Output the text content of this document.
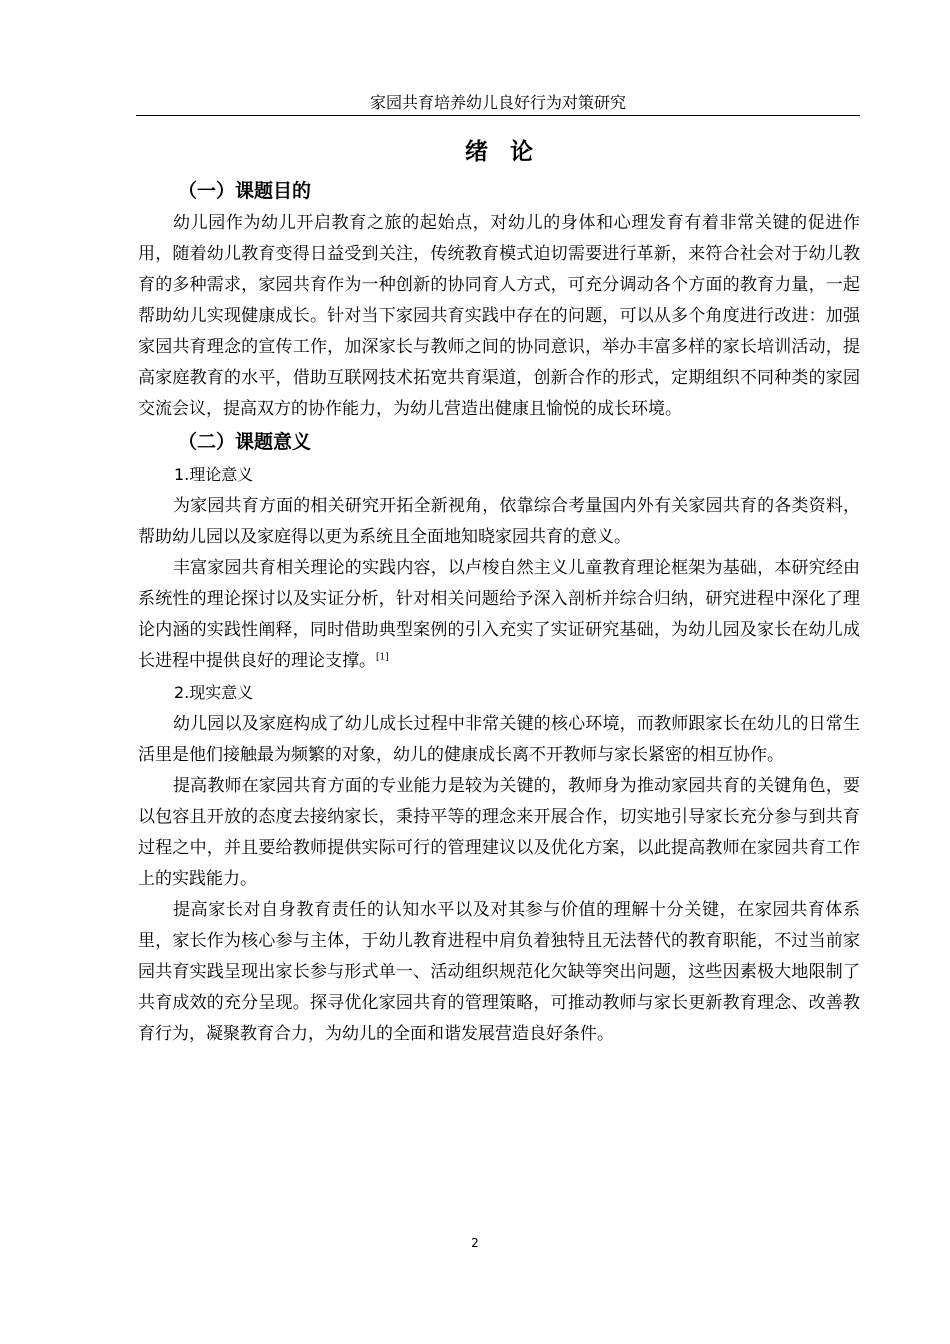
家园共育培养幼儿良好行为对策研究
绪论
（一）课题目的

幼儿园作为幼儿开启教育之旅的起始点，对幼儿的身体和心理发育有着非常关键的促进作用，随着幼儿教育变得日益受到关注，传统教育模式迫切需要进行革新，来符合社会对于幼儿教育的多种需求，家园共育作为一种创新的协同育人方式，可充分调动各个方面的教育力量，一起帮助幼儿实现健康成长。针对当下家园共育实践中存在的问题，可以从多个角度进行改进：加强家园共育理念的宣传工作，加深家长与教师之间的协同意识，举办丰富多样的家长培训活动，提高家庭教育的水平，借助互联网技术拓宽共育渠道，创新合作的形式，定期组织不同种类的家园交流会议，提高双方的协作能力，为幼儿营造出健康且愉悦的成长环境。

（二）课题意义
1.理论意义

为家园共育方面的相关研究开拓全新视角，依靠综合考量国内外有关家园共育的各类资料，帮助幼儿园以及家庭得以更为系统且全面地知晓家园共育的意义。

丰富家园共育相关理论的实践内容，以卢梭自然主义儿童教育理论框架为基础，本研究经由系统性的理论探讨以及实证分析，针对相关问题给予深入剖析并综合归纳，研究进程中深化了理论内涵的实践性阐释，同时借助典型案例的引入充实了实证研究基础，为幼儿园及家长在幼儿成长进程中提供良好的理论支撑。[1]

2.现实意义

幼儿园以及家庭构成了幼儿成长过程中非常关键的核心环境，而教师跟家长在幼儿的日常生活里是他们接触最为频繁的对象，幼儿的健康成长离不开教师与家长紧密的相互协作。

提高教师在家园共育方面的专业能力是较为关键的，教师身为推动家园共育的关键角色，要以包容且开放的态度去接纳家长，秉持平等的理念来开展合作，切实地引导家长充分参与到共育过程之中，并且要给教师提供实际可行的管理建议以及优化方案，以此提高教师在家园共育工作上的实践能力。

提高家长对自身教育责任的认知水平以及对其参与价值的理解十分关键，在家园共育体系里，家长作为核心参与主体，于幼儿教育进程中肩负着独特且无法替代的教育职能，不过当前家园共育实践呈现出家长参与形式单一、活动组织规范化欠缺等突出问题，这些因素极大地限制了共育成效的充分呈现。探寻优化家园共育的管理策略，可推动教师与家长更新教育理念、改善教育行为，凝聚教育合力，为幼儿的全面和谐发展营造良好条件。

2
